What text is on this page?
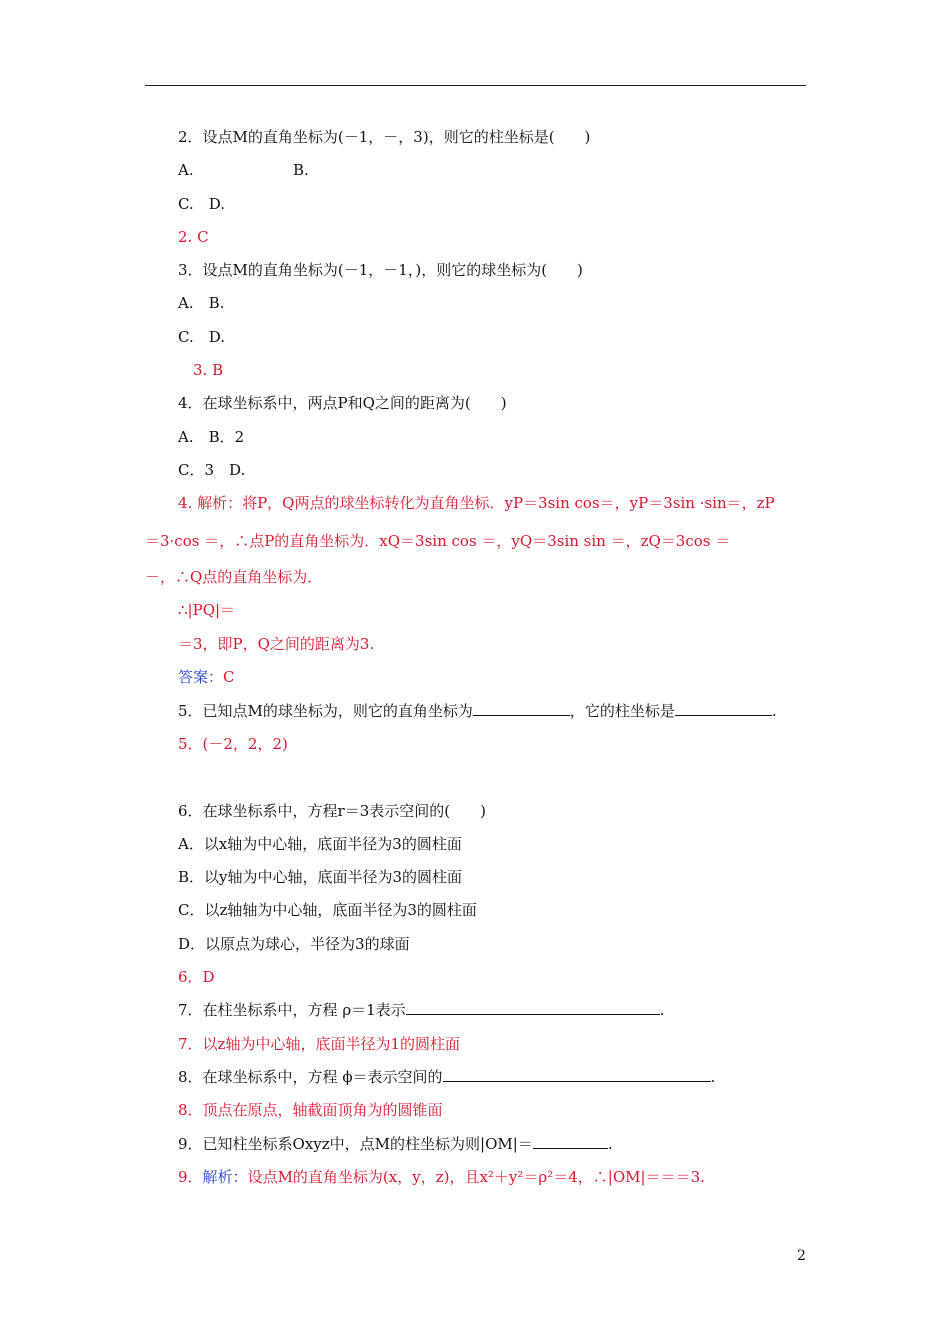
2．设点M的直角坐标为(－1，－，3)，则它的柱坐标是(　　)
A.	B.
C.　D.
2. C
3．设点M的直角坐标为(－1，－1，)，则它的球坐标为(　　)
A.　B.
C.　D.
3. B
4．在球坐标系中，两点P和Q之间的距离为(　　)
A.　B．2
C．3　D.
4. 解析：将P，Q两点的球坐标转化为直角坐标．yP＝3sin cos＝，yP＝3sin ·sin＝，zP
＝3·cos ＝，∴点P的直角坐标为．xQ＝3sin cos ＝，yQ＝3sin sin ＝，zQ＝3cos ＝
－，∴Q点的直角坐标为．
∴|PQ|＝
＝3，即P，Q之间的距离为3.
答案：C
5．已知点M的球坐标为，则它的直角坐标为	，它的柱坐标是	.
5．(－2，2，2)
6．在球坐标系中，方程r＝3表示空间的(　　)
A．以x轴为中心轴，底面半径为3的圆柱面
B．以y轴为中心轴，底面半径为3的圆柱面
C．以z轴轴为中心轴，底面半径为3的圆柱面
D．以原点为球心，半径为3的球面
6．D
7．在柱坐标系中，方程 ρ＝1表示	.
7．以z轴为中心轴，底面半径为1的圆柱面
8．在球坐标系中，方程 ϕ＝表示空间的	.
8．顶点在原点，轴截面顶角为的圆锥面
9．已知柱坐标系Oxyz中，点M的柱坐标为则|OM|＝	.
9．解析：设点M的直角坐标为(x，y，z)，且x²＋y²＝ρ²＝4，∴|OM|＝＝＝3.
2
